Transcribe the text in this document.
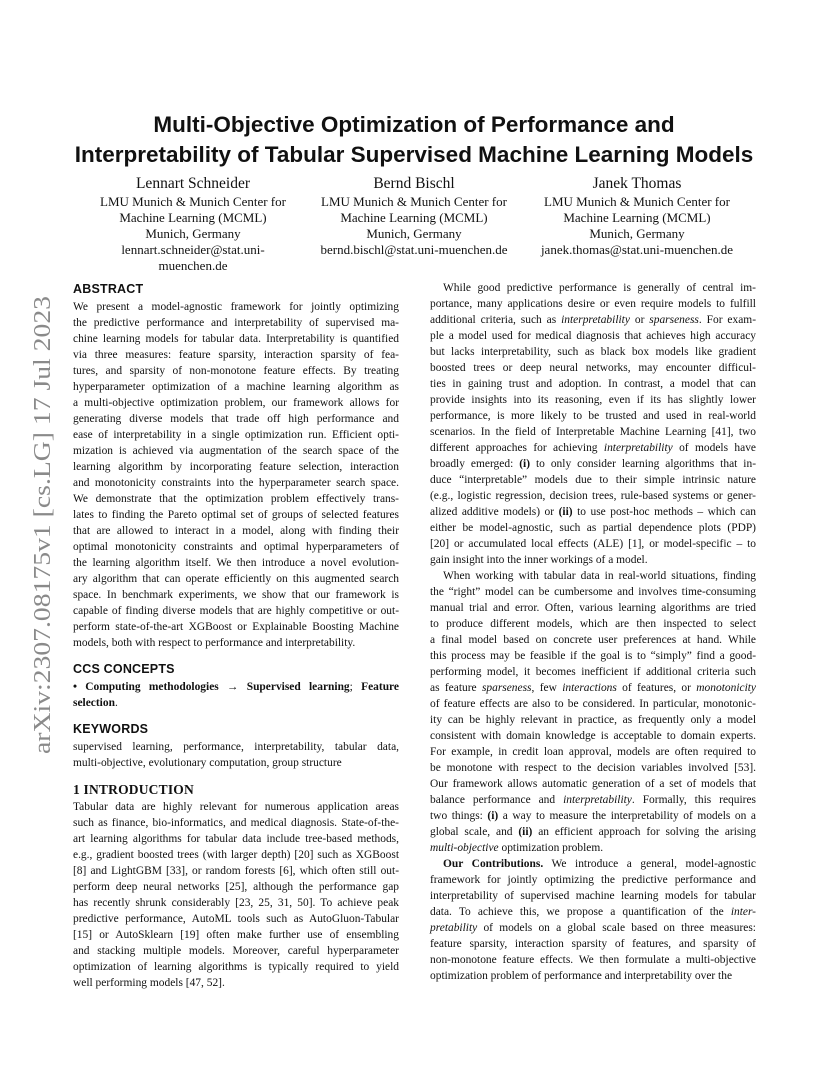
arXiv:2307.08175v1 [cs.LG] 17 Jul 2023
Multi-Objective Optimization of Performance and
Interpretability of Tabular Supervised Machine Learning Models
Lennart Schneider
LMU Munich & Munich Center for
Machine Learning (MCML)
Munich, Germany
lennart.schneider@stat.uni-
muenchen.de
Bernd Bischl
LMU Munich & Munich Center for
Machine Learning (MCML)
Munich, Germany
bernd.bischl@stat.uni-muenchen.de
Janek Thomas
LMU Munich & Munich Center for
Machine Learning (MCML)
Munich, Germany
janek.thomas@stat.uni-muenchen.de
ABSTRACT
We present a model-agnostic framework for jointly optimizing
the predictive performance and interpretability of supervised ma-
chine learning models for tabular data. Interpretability is quantified
via three measures: feature sparsity, interaction sparsity of fea-
tures, and sparsity of non-monotone feature effects. By treating
hyperparameter optimization of a machine learning algorithm as
a multi-objective optimization problem, our framework allows for
generating diverse models that trade off high performance and
ease of interpretability in a single optimization run. Efficient opti-
mization is achieved via augmentation of the search space of the
learning algorithm by incorporating feature selection, interaction
and monotonicity constraints into the hyperparameter search space.
We demonstrate that the optimization problem effectively trans-
lates to finding the Pareto optimal set of groups of selected features
that are allowed to interact in a model, along with finding their
optimal monotonicity constraints and optimal hyperparameters of
the learning algorithm itself. We then introduce a novel evolution-
ary algorithm that can operate efficiently on this augmented search
space. In benchmark experiments, we show that our framework is
capable of finding diverse models that are highly competitive or out-
perform state-of-the-art XGBoost or Explainable Boosting Machine
models, both with respect to performance and interpretability.
CCS CONCEPTS
• Computing methodologies → Supervised learning; Feature
selection.
KEYWORDS
supervised learning, performance, interpretability, tabular data,
multi-objective, evolutionary computation, group structure
1 INTRODUCTION
Tabular data are highly relevant for numerous application areas
such as finance, bio-informatics, and medical diagnosis. State-of-the-
art learning algorithms for tabular data include tree-based methods,
e.g., gradient boosted trees (with larger depth) [20] such as XGBoost
[8] and LightGBM [33], or random forests [6], which often still out-
perform deep neural networks [25], although the performance gap
has recently shrunk considerably [23, 25, 31, 50]. To achieve peak
predictive performance, AutoML tools such as AutoGluon-Tabular
[15] or AutoSklearn [19] often make further use of ensembling
and stacking multiple models. Moreover, careful hyperparameter
optimization of learning algorithms is typically required to yield
well performing models [47, 52].
While good predictive performance is generally of central im-
portance, many applications desire or even require models to fulfill
additional criteria, such as interpretability or sparseness. For exam-
ple a model used for medical diagnosis that achieves high accuracy
but lacks interpretability, such as black box models like gradient
boosted trees or deep neural networks, may encounter difficul-
ties in gaining trust and adoption. In contrast, a model that can
provide insights into its reasoning, even if its has slightly lower
performance, is more likely to be trusted and used in real-world
scenarios. In the field of Interpretable Machine Learning [41], two
different approaches for achieving interpretability of models have
broadly emerged: (i) to only consider learning algorithms that in-
duce “interpretable” models due to their simple intrinsic nature
(e.g., logistic regression, decision trees, rule-based systems or gener-
alized additive models) or (ii) to use post-hoc methods – which can
either be model-agnostic, such as partial dependence plots (PDP)
[20] or accumulated local effects (ALE) [1], or model-specific – to
gain insight into the inner workings of a model.
When working with tabular data in real-world situations, finding
the “right” model can be cumbersome and involves time-consuming
manual trial and error. Often, various learning algorithms are tried
to produce different models, which are then inspected to select
a final model based on concrete user preferences at hand. While
this process may be feasible if the goal is to “simply” find a good-
performing model, it becomes inefficient if additional criteria such
as feature sparseness, few interactions of features, or monotonicity
of feature effects are also to be considered. In particular, monotonic-
ity can be highly relevant in practice, as frequently only a model
consistent with domain knowledge is acceptable to domain experts.
For example, in credit loan approval, models are often required to
be monotone with respect to the decision variables involved [53].
Our framework allows automatic generation of a set of models that
balance performance and interpretability. Formally, this requires
two things: (i) a way to measure the interpretability of models on a
global scale, and (ii) an efficient approach for solving the arising
multi-objective optimization problem.
Our Contributions. We introduce a general, model-agnostic
framework for jointly optimizing the predictive performance and
interpretability of supervised machine learning models for tabular
data. To achieve this, we propose a quantification of the inter-
pretability of models on a global scale based on three measures:
feature sparsity, interaction sparsity of features, and sparsity of
non-monotone feature effects. We then formulate a multi-objective
optimization problem of performance and interpretability over the
